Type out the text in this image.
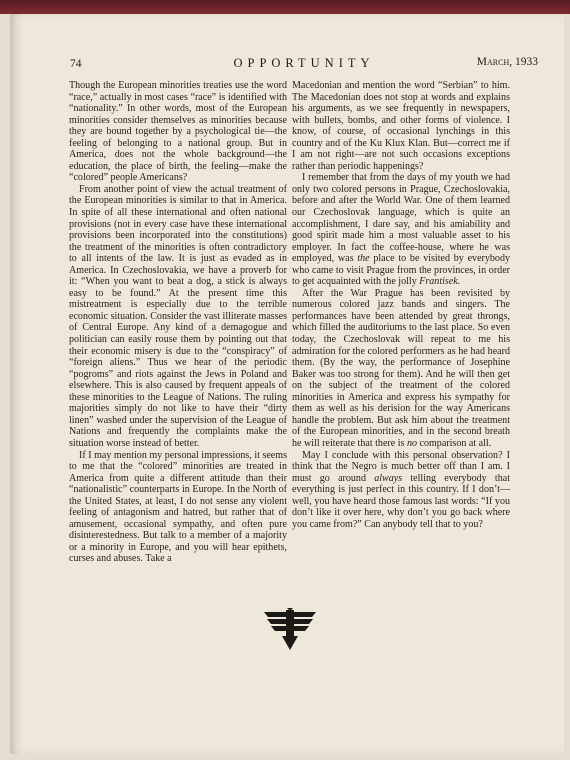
74	OPPORTUNITY	March, 1933

Though the European minorities treaties use the word “race,” actually in most cases “race” is identified with “nationality.” In other words, most of the European minorities consider themselves as minorities because they are bound together by a psychological tie—the feeling of belonging to a national group. But in America, does not the whole background—the education, the place of birth, the feeling—make the “colored” people Americans?

From another point of view the actual treatment of the European minorities is similar to that in America. In spite of all these international and often national provisions (not in every case have these international provisions been incorporated into the constitutions) the treatment of the minorities is often contradictory to all intents of the law. It is just as evaded as in America. In Czechoslovakia, we have a proverb for it: “When you want to beat a dog, a stick is always easy to be found.” At the present time this mistreatment is especially due to the terrible economic situation. Consider the vast illiterate masses of Central Europe. Any kind of a demagogue and politician can easily rouse them by pointing out that their economic misery is due to the “conspiracy” of “foreign aliens.” Thus we hear of the periodic “pogroms” and riots against the Jews in Poland and elsewhere. This is also caused by frequent appeals of these minorities to the League of Nations. The ruling majorities simply do not like to have their “dirty linen” washed under the supervision of the League of Nations and frequently the complaints make the situation worse instead of better.

If I may mention my personal impressions, it seems to me that the “colored” minorities are treated in America from quite a different attitude than their “nationalistic” counterparts in Europe. In the North of the United States, at least, I do not sense any violent feeling of antagonism and hatred, but rather that of amusement, occasional sympathy, and often pure disinterestedness. But talk to a member of a majority or a minority in Europe, and you will hear epithets, curses and abuses. Take a

Macedonian and mention the word “Serbian” to him. The Macedonian does not stop at words and explains his arguments, as we see frequently in newspapers, with bullets, bombs, and other forms of violence. I know, of course, of occasional lynchings in this country and of the Ku Klux Klan. But—correct me if I am not right—are not such occasions exceptions rather than periodic happenings?

I remember that from the days of my youth we had only two colored persons in Prague, Czechoslovakia, before and after the World War. One of them learned our Czechoslovak language, which is quite an accomplishment, I dare say, and his amiability and good spirit made him a most valuable asset to his employer. In fact the coffee-house, where he was employed, was the place to be visited by everybody who came to visit Prague from the provinces, in order to get acquainted with the jolly Frantisek.

After the War Prague has been revisited by numerous colored jazz bands and singers. The performances have been attended by great throngs, which filled the auditoriums to the last place. So even today, the Czechoslovak will repeat to me his admiration for the colored performers as he had heard them. (By the way, the performance of Josephine Baker was too strong for them). And he will then get on the subject of the treatment of the colored minorities in America and express his sympathy for them as well as his derision for the way Americans handle the problem. But ask him about the treatment of the European minorities, and in the second breath he will reiterate that there is no comparison at all.

May I conclude with this personal observation? I think that the Negro is much better off than I am. I must go around always telling everybody that everything is just perfect in this country. If I don’t—well, you have heard those famous last words: “If you don’t like it over here, why don’t you go back where you came from?” Can anybody tell that to you?
